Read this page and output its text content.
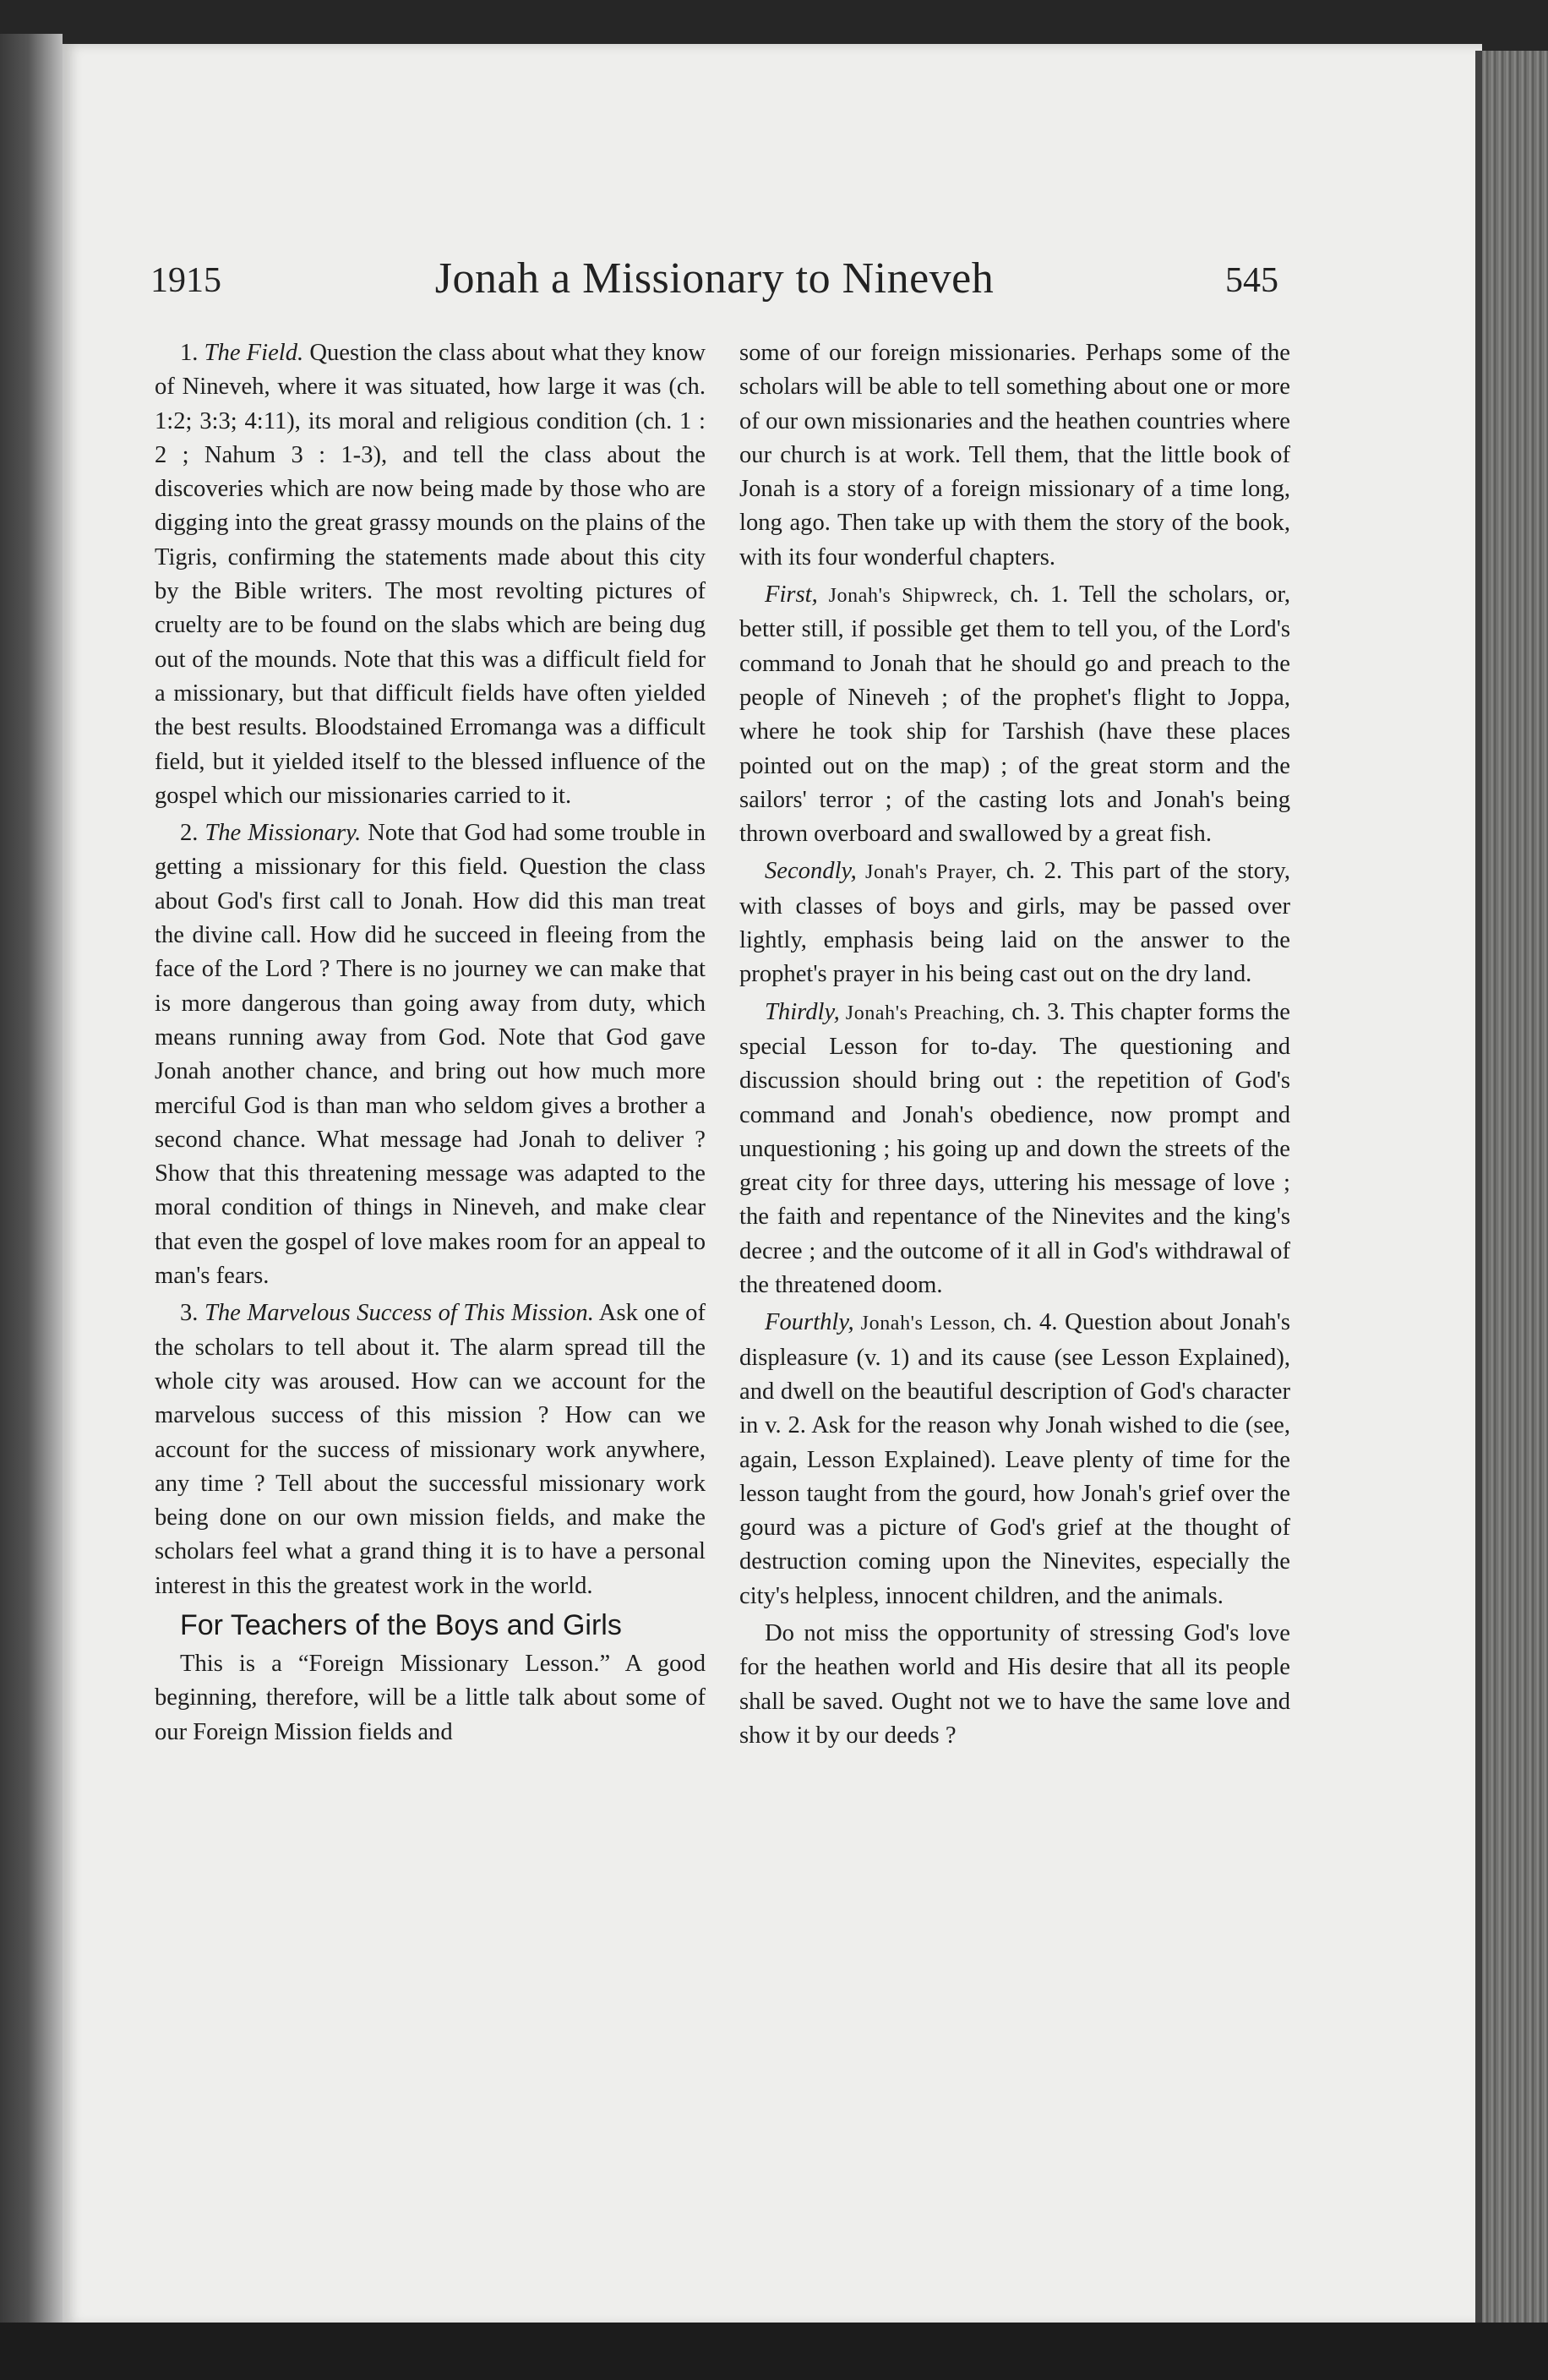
1915	Jonah a Missionary to Nineveh	545

1. The Field. Question the class about what they know of Nineveh, where it was situated, how large it was (ch. 1:2; 3:3; 4:11), its moral and religious condition (ch. 1 : 2 ; Nahum 3 : 1-3), and tell the class about the discoveries which are now being made by those who are digging into the great grassy mounds on the plains of the Tigris, confirming the statements made about this city by the Bible writers. The most revolting pictures of cruelty are to be found on the slabs which are being dug out of the mounds. Note that this was a difficult field for a missionary, but that difficult fields have often yielded the best results. Bloodstained Erromanga was a difficult field, but it yielded itself to the blessed influence of the gospel which our missionaries carried to it.

2. The Missionary. Note that God had some trouble in getting a missionary for this field. Question the class about God's first call to Jonah. How did this man treat the divine call. How did he succeed in fleeing from the face of the Lord ? There is no journey we can make that is more dangerous than going away from duty, which means running away from God. Note that God gave Jonah another chance, and bring out how much more merciful God is than man who seldom gives a brother a second chance. What message had Jonah to deliver ? Show that this threatening message was adapted to the moral condition of things in Nineveh, and make clear that even the gospel of love makes room for an appeal to man's fears.

3. The Marvelous Success of This Mission. Ask one of the scholars to tell about it. The alarm spread till the whole city was aroused. How can we account for the marvelous success of this mission ? How can we account for the success of missionary work anywhere, any time ? Tell about the successful missionary work being done on our own mission fields, and make the scholars feel what a grand thing it is to have a personal interest in this the greatest work in the world.

For Teachers of the Boys and Girls

This is a “Foreign Missionary Lesson.” A good beginning, therefore, will be a little talk about some of our Foreign Mission fields and

some of our foreign missionaries. Perhaps some of the scholars will be able to tell something about one or more of our own missionaries and the heathen countries where our church is at work. Tell them, that the little book of Jonah is a story of a foreign missionary of a time long, long ago. Then take up with them the story of the book, with its four wonderful chapters.

First, Jonah's Shipwreck, ch. 1. Tell the scholars, or, better still, if possible get them to tell you, of the Lord's command to Jonah that he should go and preach to the people of Nineveh ; of the prophet's flight to Joppa, where he took ship for Tarshish (have these places pointed out on the map) ; of the great storm and the sailors' terror ; of the casting lots and Jonah's being thrown overboard and swallowed by a great fish.

Secondly, Jonah's Prayer, ch. 2. This part of the story, with classes of boys and girls, may be passed over lightly, emphasis being laid on the answer to the prophet's prayer in his being cast out on the dry land.

Thirdly, Jonah's Preaching, ch. 3. This chapter forms the special Lesson for to-day. The questioning and discussion should bring out : the repetition of God's command and Jonah's obedience, now prompt and unquestioning ; his going up and down the streets of the great city for three days, uttering his message of love ; the faith and repentance of the Ninevites and the king's decree ; and the outcome of it all in God's withdrawal of the threatened doom.

Fourthly, Jonah's Lesson, ch. 4. Question about Jonah's displeasure (v. 1) and its cause (see Lesson Explained), and dwell on the beautiful description of God's character in v. 2. Ask for the reason why Jonah wished to die (see, again, Lesson Explained). Leave plenty of time for the lesson taught from the gourd, how Jonah's grief over the gourd was a picture of God's grief at the thought of destruction coming upon the Ninevites, especially the city's helpless, innocent children, and the animals.

Do not miss the opportunity of stressing God's love for the heathen world and His desire that all its people shall be saved. Ought not we to have the same love and show it by our deeds ?
